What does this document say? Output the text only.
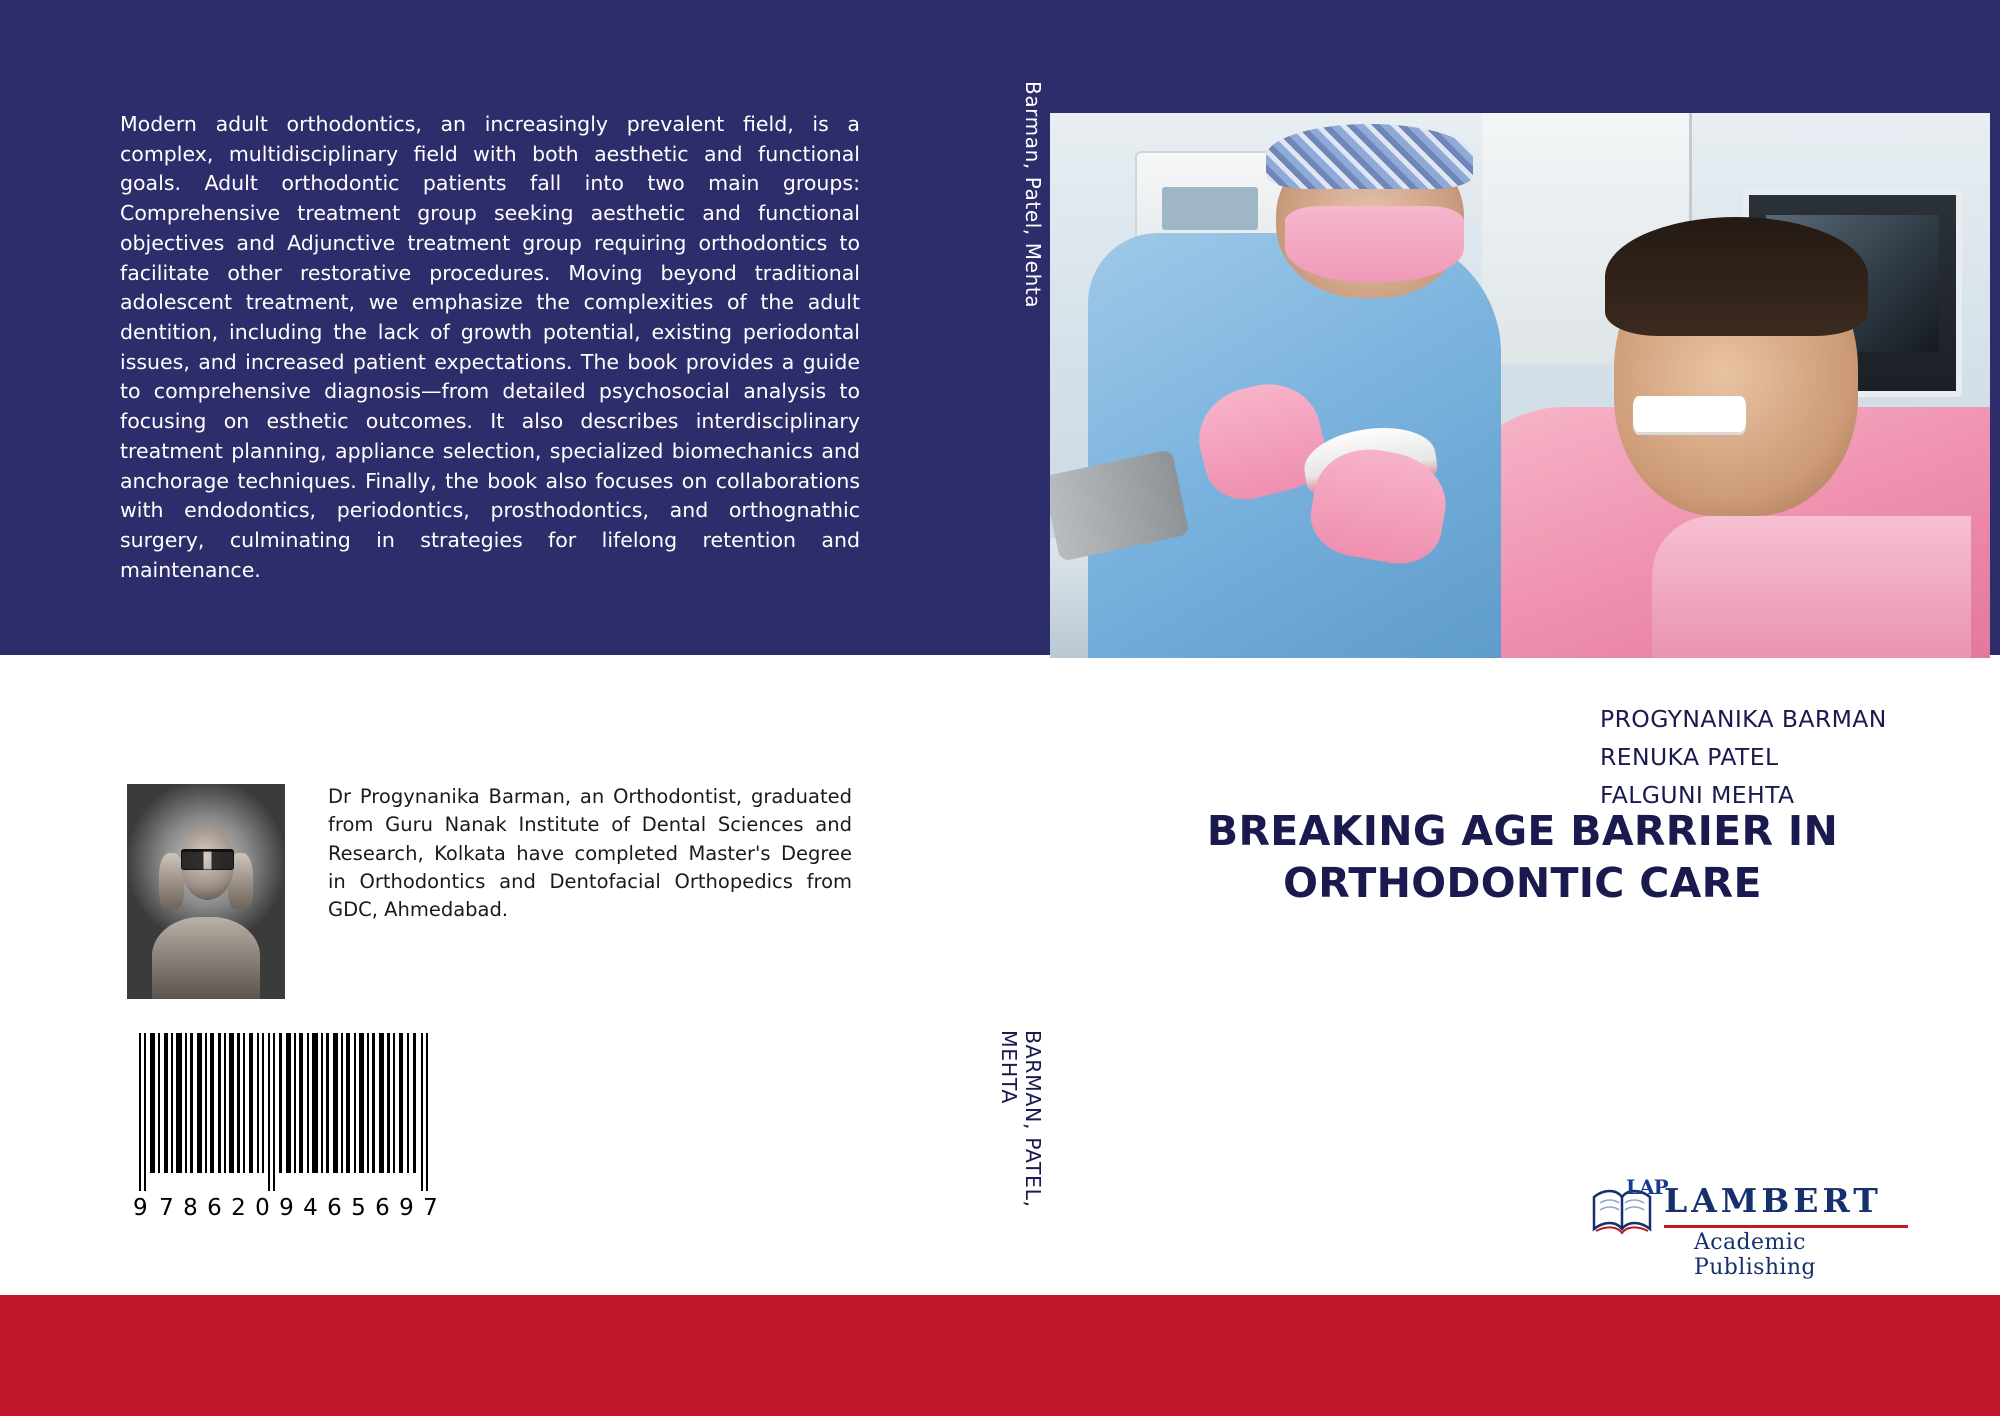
Modern adult orthodontics, an increasingly prevalent field, is a complex, multidisciplinary field with both aesthetic and functional goals. Adult orthodontic patients fall into two main groups: Comprehensive treatment group seeking aesthetic and functional objectives and Adjunctive treatment group requiring orthodontics to facilitate other restorative procedures. Moving beyond traditional adolescent treatment, we emphasize the complexities of the adult dentition, including the lack of growth potential, existing periodontal issues, and increased patient expectations. The book provides a guide to comprehensive diagnosis—from detailed psychosocial analysis to focusing on esthetic outcomes. It also describes interdisciplinary treatment planning, appliance selection, specialized biomechanics and anchorage techniques. Finally, the book also focuses on collaborations with endodontics, periodontics, prosthodontics, and orthognathic surgery, culminating in strategies for lifelong retention and maintenance.
Dr Progynanika Barman, an Orthodontist, graduated from Guru Nanak Institute of Dental Sciences and Research, Kolkata have completed Master's Degree in Orthodontics and Dentofacial Orthopedics from GDC, Ahmedabad.
9 7 8 6 2 0 9 4 6 5 6 9 7
Barman, Patel, Mehta
BARMAN, PATEL, MEHTA
PROGYNANIKA BARMAN
RENUKA PATEL
FALGUNI MEHTA
BREAKING AGE BARRIER IN ORTHODONTIC CARE
LAP
LAMBERT
Academic Publishing
